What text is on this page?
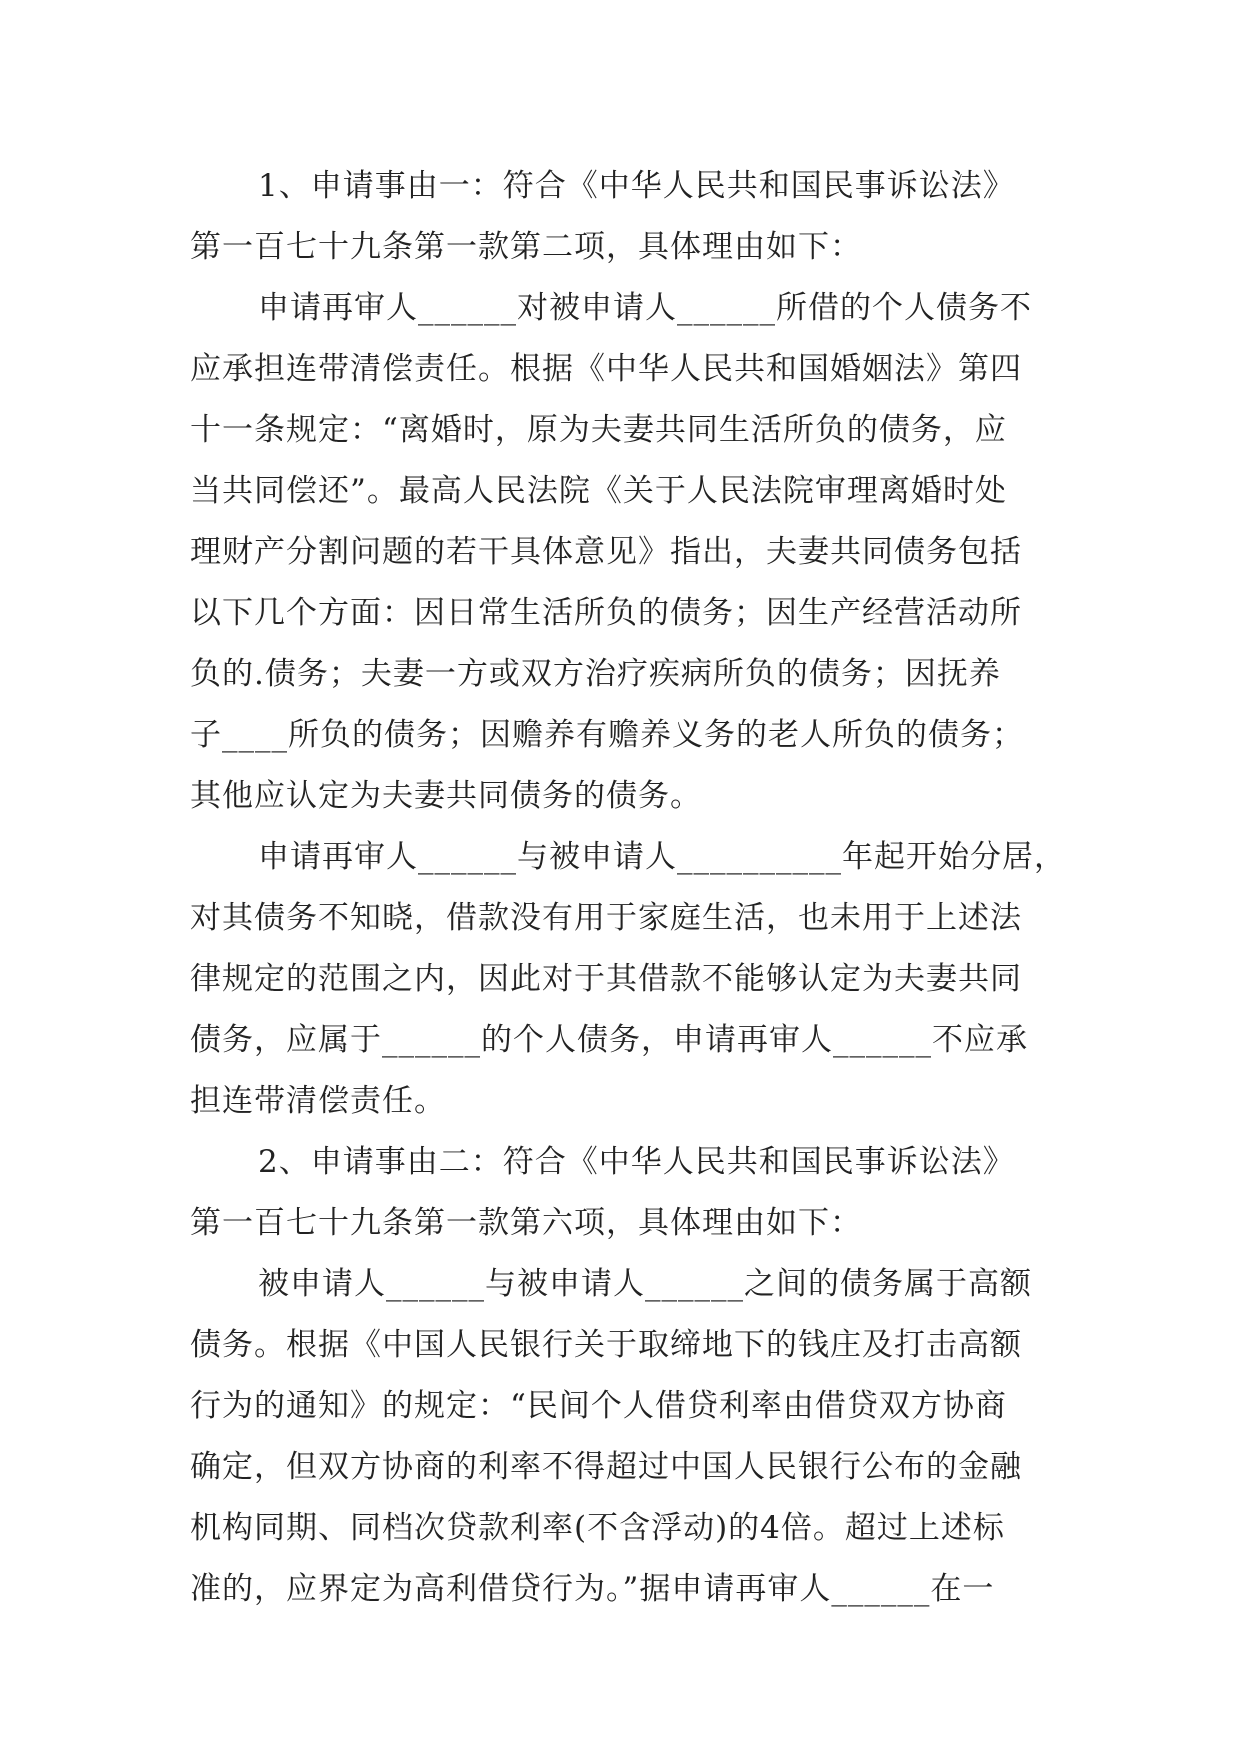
1、申请事由一：符合《中华人民共和国民事诉讼法》
第一百七十九条第一款第二项，具体理由如下：
申请再审人______对被申请人______所借的个人债务不
应承担连带清偿责任。根据《中华人民共和国婚姻法》第四
十一条规定：“离婚时，原为夫妻共同生活所负的债务，应
当共同偿还”。最高人民法院《关于人民法院审理离婚时处
理财产分割问题的若干具体意见》指出，夫妻共同债务包括
以下几个方面：因日常生活所负的债务；因生产经营活动所
负的.债务；夫妻一方或双方治疗疾病所负的债务；因抚养
子____所负的债务；因赡养有赡养义务的老人所负的债务；
其他应认定为夫妻共同债务的债务。
申请再审人______与被申请人__________年起开始分居，
对其债务不知晓，借款没有用于家庭生活，也未用于上述法
律规定的范围之内，因此对于其借款不能够认定为夫妻共同
债务，应属于______的个人债务，申请再审人______不应承
担连带清偿责任。
2、申请事由二：符合《中华人民共和国民事诉讼法》
第一百七十九条第一款第六项，具体理由如下：
被申请人______与被申请人______之间的债务属于高额
债务。根据《中国人民银行关于取缔地下的钱庄及打击高额
行为的通知》的规定：“民间个人借贷利率由借贷双方协商
确定，但双方协商的利率不得超过中国人民银行公布的金融
机构同期、同档次贷款利率(不含浮动)的4倍。超过上述标
准的，应界定为高利借贷行为。”据申请再审人______在一
